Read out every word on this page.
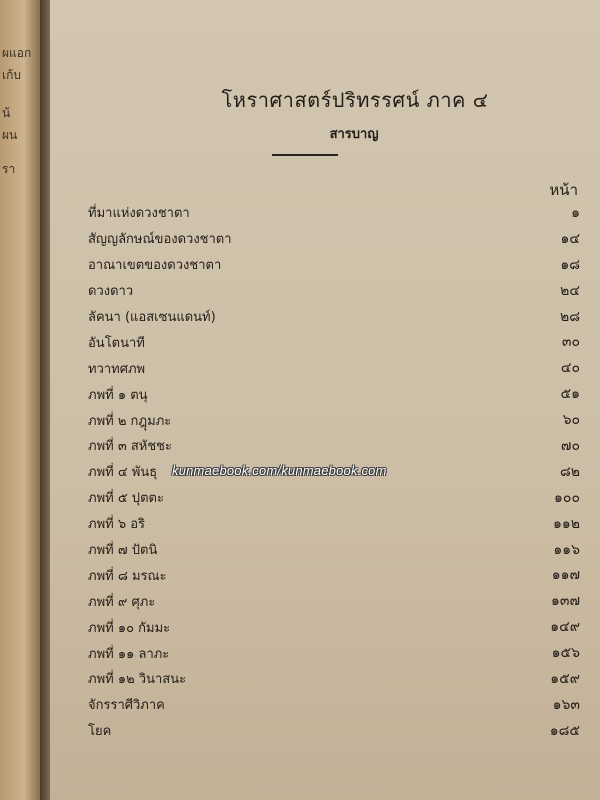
ผแอก
เก้บ
น้
ผน
รา
โหราศาสตร์ปริทรรศน์ ภาค ๔
สารบาญ
หน้า
ที่มาแห่งดวงชาตา	๑
สัญญลักษณ์ของดวงชาตา	๑๔
อาณาเขตของดวงชาตา	๑๘
ดวงดาว	๒๔
ลัคนา (แอสเซนแดนท์)	๒๘
อันโตนาที	๓๐
ทวาทศภพ	๔๐
ภพที่ ๑ ตนุ	๕๑
ภพที่ ๒ กฎุมภะ	๖๐
ภพที่ ๓ สหัชชะ	๗๐
ภพที่ ๔ พันธุ	๘๒
ภพที่ ๕ ปุตตะ	๑๐๐
ภพที่ ๖ อริ	๑๑๒
ภพที่ ๗ ปัตนิ	๑๑๖
ภพที่ ๘ มรณะ	๑๑๗
ภพที่ ๙ ศุภะ	๑๓๗
ภพที่ ๑๐ กัมมะ	๑๔๙
ภพที่ ๑๑ ลาภะ	๑๕๖
ภพที่ ๑๒ วินาสนะ	๑๕๙
จักรราศีวิภาค	๑๖๓
โยค	๑๘๕
kunmaebook.com/kunmaebook.com
